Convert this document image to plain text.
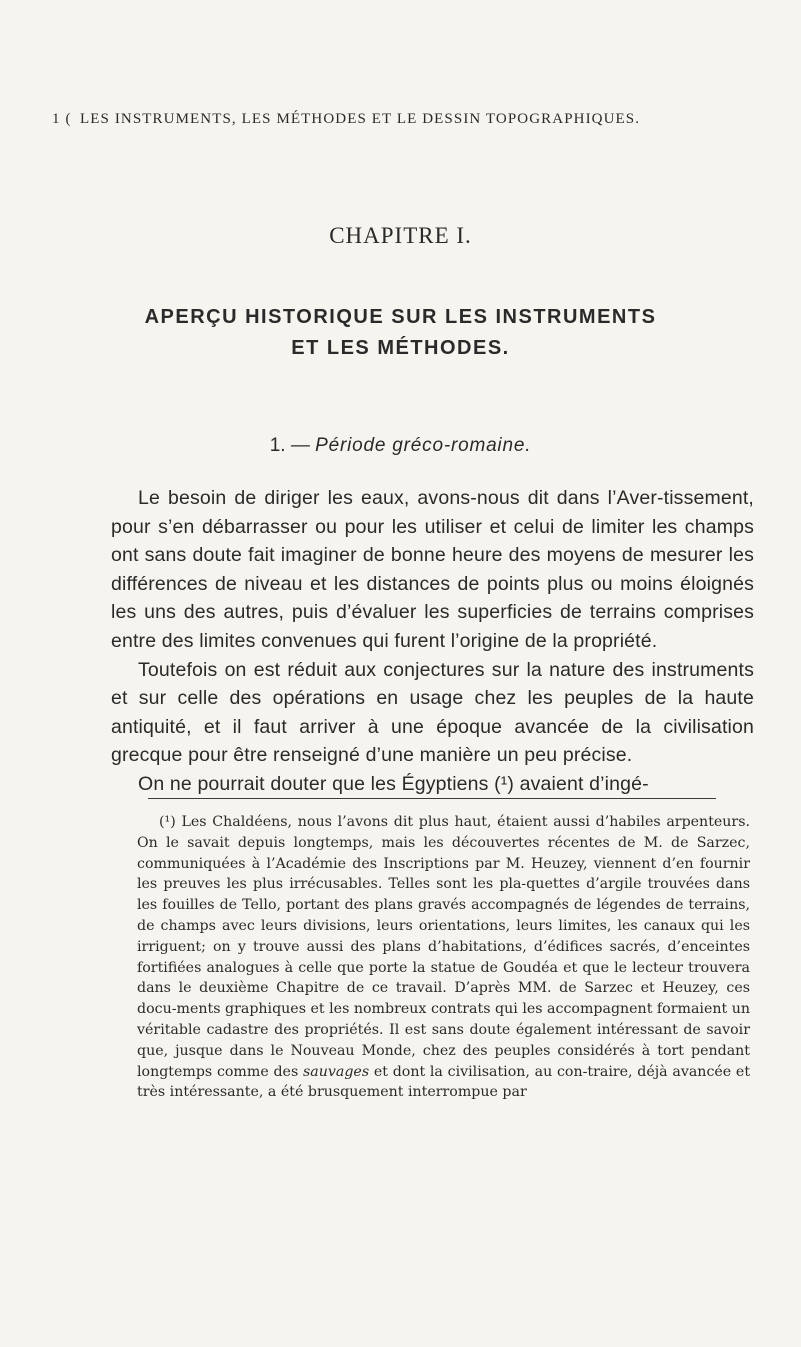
1 ( LES INSTRUMENTS, LES MÉTHODES ET LE DESSIN TOPOGRAPHIQUES.
CHAPITRE I.
APERÇU HISTORIQUE SUR LES INSTRUMENTS
ET LES MÉTHODES.
1. — Période gréco-romaine.

Le besoin de diriger les eaux, avons-nous dit dans l’Aver-tissement, pour s’en débarrasser ou pour les utiliser et celui de limiter les champs ont sans doute fait imaginer de bonne heure des moyens de mesurer les différences de niveau et les distances de points plus ou moins éloignés les uns des autres, puis d’évaluer les superficies de terrains comprises entre des limites convenues qui furent l’origine de la propriété.

Toutefois on est réduit aux conjectures sur la nature des instruments et sur celle des opérations en usage chez les peuples de la haute antiquité, et il faut arriver à une époque avancée de la civilisation grecque pour être renseigné d’une manière un peu précise.

On ne pourrait douter que les Égyptiens (¹) avaient d’ingé-

(¹) Les Chaldéens, nous l’avons dit plus haut, étaient aussi d’habiles arpenteurs. On le savait depuis longtemps, mais les découvertes récentes de M. de Sarzec, communiquées à l’Académie des Inscriptions par M. Heuzey, viennent d’en fournir les preuves les plus irrécusables. Telles sont les pla-quettes d’argile trouvées dans les fouilles de Tello, portant des plans gravés accompagnés de légendes de terrains, de champs avec leurs divisions, leurs orientations, leurs limites, les canaux qui les irriguent; on y trouve aussi des plans d’habitations, d’édifices sacrés, d’enceintes fortifiées analogues à celle que porte la statue de Goudéa et que le lecteur trouvera dans le deuxième Chapitre de ce travail. D’après MM. de Sarzec et Heuzey, ces docu-ments graphiques et les nombreux contrats qui les accompagnent formaient un véritable cadastre des propriétés. Il est sans doute également intéressant de savoir que, jusque dans le Nouveau Monde, chez des peuples considérés à tort pendant longtemps comme des sauvages et dont la civilisation, au con-traire, déjà avancée et très intéressante, a été brusquement interrompue par
